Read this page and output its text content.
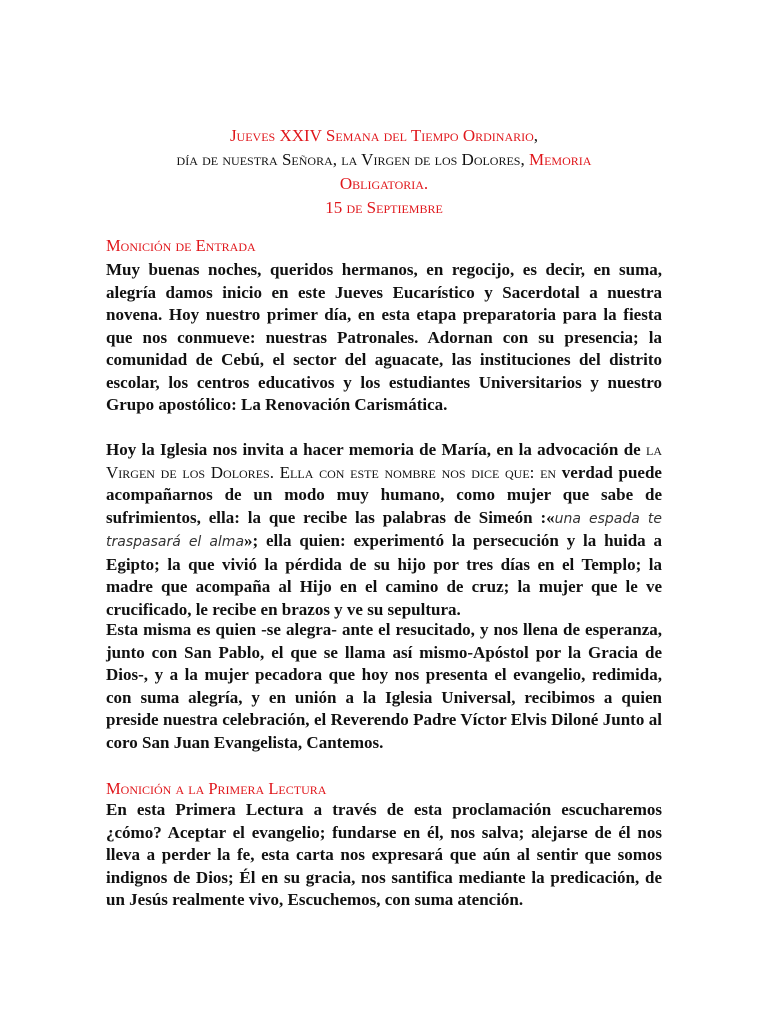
Jueves XXIV Semana del Tiempo Ordinario,
día de nuestra Señora, la Virgen de los Dolores, Memoria
Obligatoria.
15 de Septiembre
Monición de Entrada
Muy buenas noches, queridos hermanos, en regocijo, es decir, en suma, alegría damos inicio en este Jueves Eucarístico y Sacerdotal a nuestra novena. Hoy nuestro primer día, en esta etapa preparatoria para la fiesta que nos conmueve: nuestras Patronales. Adornan con su presencia; la comunidad de Cebú, el sector del aguacate, las instituciones del distrito escolar, los centros educativos y los estudiantes Universitarios y nuestro Grupo apostólico: La Renovación Carismática.
Hoy la Iglesia nos invita a hacer memoria de María, en la advocación de la Virgen de los Dolores. Ella con este nombre nos dice que: en verdad puede acompañarnos de un modo muy humano, como mujer que sabe de sufrimientos, ella: la que recibe las palabras de Simeón :«una espada te traspasará el alma»; ella quien: experimentó la persecución y la huida a Egipto; la que vivió la pérdida de su hijo por tres días en el Templo; la madre que acompaña al Hijo en el camino de cruz; la mujer que le ve crucificado, le recibe en brazos y ve su sepultura.
Esta misma es quien -se alegra- ante el resucitado, y nos llena de esperanza, junto con San Pablo, el que se llama así mismo-Apóstol por la Gracia de Dios-, y a la mujer pecadora que hoy nos presenta el evangelio, redimida, con suma alegría, y en unión a la Iglesia Universal, recibimos a quien preside nuestra celebración, el Reverendo Padre Víctor Elvis Diloné Junto al coro San Juan Evangelista, Cantemos.
Monición a la Primera Lectura
En esta Primera Lectura a través de esta proclamación escucharemos ¿cómo? Aceptar el evangelio; fundarse en él, nos salva; alejarse de él nos lleva a perder la fe, esta carta nos expresará que aún al sentir que somos indignos de Dios; Él en su gracia, nos santifica mediante la predicación, de un Jesús realmente vivo, Escuchemos, con suma atención.
